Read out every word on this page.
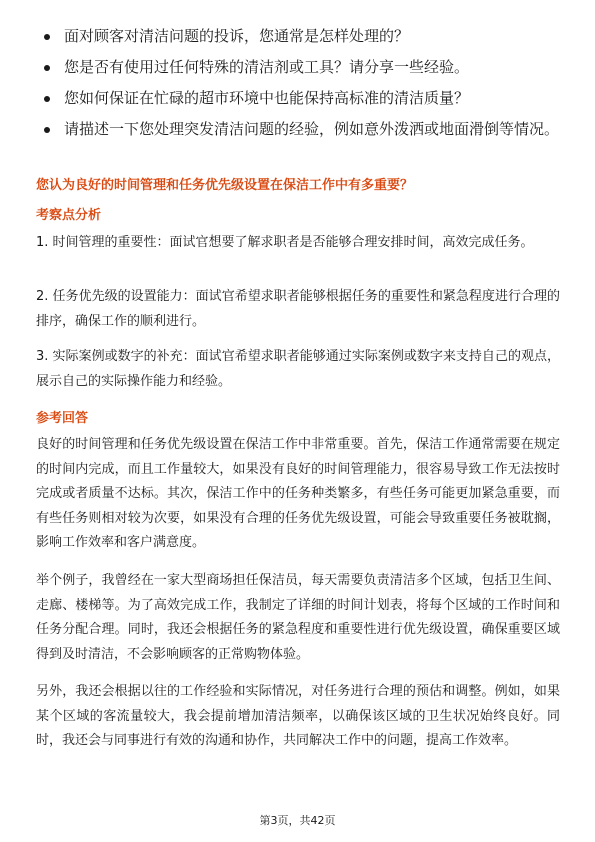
面对顾客对清洁问题的投诉，您通常是怎样处理的？
您是否有使用过任何特殊的清洁剂或工具？请分享一些经验。
您如何保证在忙碌的超市环境中也能保持高标准的清洁质量？
请描述一下您处理突发清洁问题的经验，例如意外泼洒或地面滑倒等情况。
您认为良好的时间管理和任务优先级设置在保洁工作中有多重要？
考察点分析
1. 时间管理的重要性：面试官想要了解求职者是否能够合理安排时间，高效完成任务。
2. 任务优先级的设置能力：面试官希望求职者能够根据任务的重要性和紧急程度进行合理的排序，确保工作的顺利进行。
3. 实际案例或数字的补充：面试官希望求职者能够通过实际案例或数字来支持自己的观点，展示自己的实际操作能力和经验。
参考回答
良好的时间管理和任务优先级设置在保洁工作中非常重要。首先，保洁工作通常需要在规定的时间内完成，而且工作量较大，如果没有良好的时间管理能力，很容易导致工作无法按时完成或者质量不达标。其次，保洁工作中的任务种类繁多，有些任务可能更加紧急重要，而有些任务则相对较为次要，如果没有合理的任务优先级设置，可能会导致重要任务被耽搁，影响工作效率和客户满意度。
举个例子，我曾经在一家大型商场担任保洁员，每天需要负责清洁多个区域，包括卫生间、走廊、楼梯等。为了高效完成工作，我制定了详细的时间计划表，将每个区域的工作时间和任务分配合理。同时，我还会根据任务的紧急程度和重要性进行优先级设置，确保重要区域得到及时清洁，不会影响顾客的正常购物体验。
另外，我还会根据以往的工作经验和实际情况，对任务进行合理的预估和调整。例如，如果某个区域的客流量较大，我会提前增加清洁频率，以确保该区域的卫生状况始终良好。同时，我还会与同事进行有效的沟通和协作，共同解决工作中的问题，提高工作效率。
第3页，共42页
